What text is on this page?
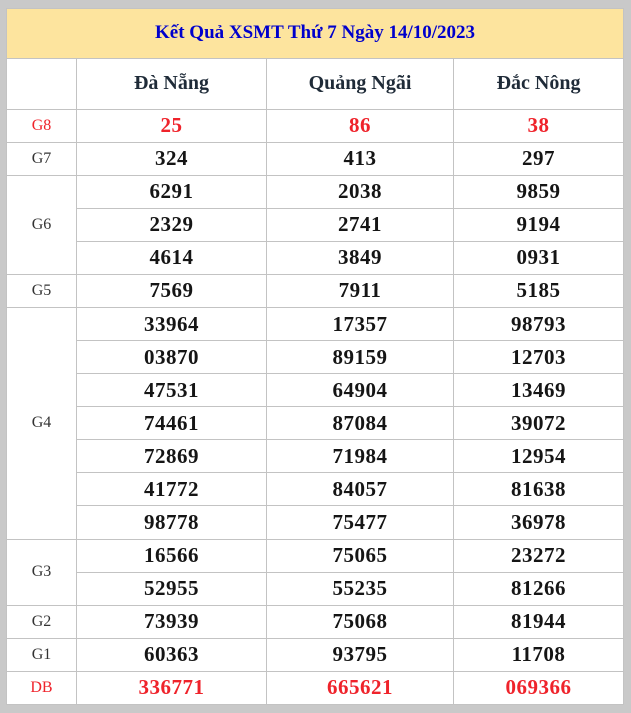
Kết Quả XSMT Thứ 7 Ngày 14/10/2023			
	Đà Nẵng	Quảng Ngãi	Đắc Nông
G8	25	86	38
G7	324	413	297
G6	6291	2038	9859
	2329	2741	9194
	4614	3849	0931
G5	7569	7911	5185
G4	33964	17357	98793
	03870	89159	12703
	47531	64904	13469
	74461	87084	39072
	72869	71984	12954
	41772	84057	81638
	98778	75477	36978
G3	16566	75065	23272
	52955	55235	81266
G2	73939	75068	81944
G1	60363	93795	11708
DB	336771	665621	069366
